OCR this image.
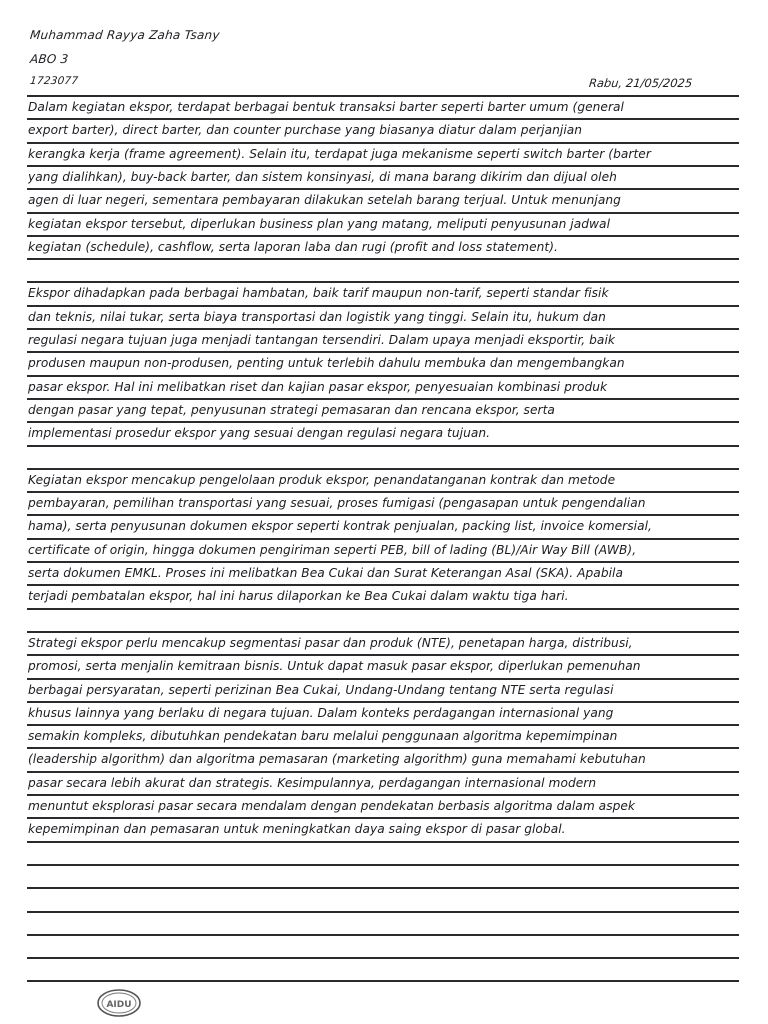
Muhammad Rayya Zaha Tsany
ABO 3
1723077	Rabu, 21/05/2025
Dalam kegiatan ekspor, terdapat berbagai bentuk transaksi barter seperti barter umum (general
export barter), direct barter, dan counter purchase yang biasanya diatur dalam perjanjian
kerangka kerja (frame agreement). Selain itu, terdapat juga mekanisme seperti switch barter (barter
yang dialihkan), buy-back barter, dan sistem konsinyasi, di mana barang dikirim dan dijual oleh
agen di luar negeri, sementara pembayaran dilakukan setelah barang terjual. Untuk menunjang
kegiatan ekspor tersebut, diperlukan business plan yang matang, meliputi penyusunan jadwal
kegiatan (schedule), cashflow, serta laporan laba dan rugi (profit and loss statement).
Ekspor dihadapkan pada berbagai hambatan, baik tarif maupun non-tarif, seperti standar fisik
dan teknis, nilai tukar, serta biaya transportasi dan logistik yang tinggi. Selain itu, hukum dan
regulasi negara tujuan juga menjadi tantangan tersendiri. Dalam upaya menjadi eksportir, baik
produsen maupun non-produsen, penting untuk terlebih dahulu membuka dan mengembangkan
pasar ekspor. Hal ini melibatkan riset dan kajian pasar ekspor, penyesuaian kombinasi produk
dengan pasar yang tepat, penyusunan strategi pemasaran dan rencana ekspor, serta
implementasi prosedur ekspor yang sesuai dengan regulasi negara tujuan.
Kegiatan ekspor mencakup pengelolaan produk ekspor, penandatanganan kontrak dan metode
pembayaran, pemilihan transportasi yang sesuai, proses fumigasi (pengasapan untuk pengendalian
hama), serta penyusunan dokumen ekspor seperti kontrak penjualan, packing list, invoice komersial,
certificate of origin, hingga dokumen pengiriman seperti PEB, bill of lading (BL)/Air Way Bill (AWB),
serta dokumen EMKL. Proses ini melibatkan Bea Cukai dan Surat Keterangan Asal (SKA). Apabila
terjadi pembatalan ekspor, hal ini harus dilaporkan ke Bea Cukai dalam waktu tiga hari.
Strategi ekspor perlu mencakup segmentasi pasar dan produk (NTE), penetapan harga, distribusi,
promosi, serta menjalin kemitraan bisnis. Untuk dapat masuk pasar ekspor, diperlukan pemenuhan
berbagai persyaratan, seperti perizinan Bea Cukai, Undang-Undang tentang NTE serta regulasi
khusus lainnya yang berlaku di negara tujuan. Dalam konteks perdagangan internasional yang
semakin kompleks, dibutuhkan pendekatan baru melalui penggunaan algoritma kepemimpinan
(leadership algorithm) dan algoritma pemasaran (marketing algorithm) guna memahami kebutuhan
pasar secara lebih akurat dan strategis. Kesimpulannya, perdagangan internasional modern
menuntut eksplorasi pasar secara mendalam dengan pendekatan berbasis algoritma dalam aspek
kepemimpinan dan pemasaran untuk meningkatkan daya saing ekspor di pasar global.
AIDU
